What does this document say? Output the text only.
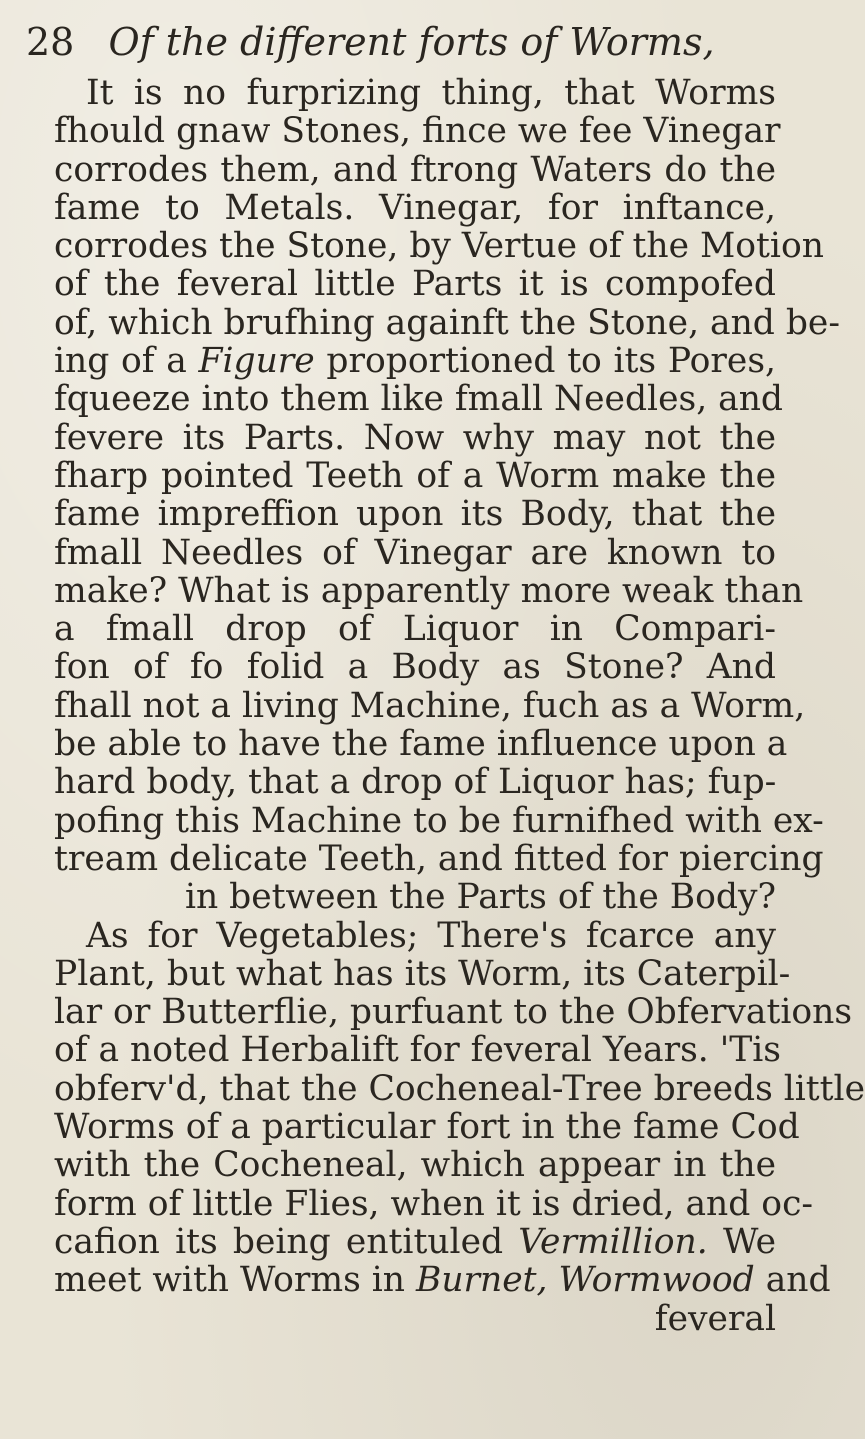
28 Of the different forts of Worms,
It is no furprizing thing, that Worms
fhould gnaw Stones, fince we fee Vinegar
corrodes them, and ftrong Waters do the
fame to Metals. Vinegar, for inftance,
corrodes the Stone, by Vertue of the Motion
of the feveral little Parts it is compofed
of, which brufhing againft the Stone, and be-
ing of a Figure proportioned to its Pores,
fqueeze into them like fmall Needles, and
fevere its Parts. Now why may not the
fharp pointed Teeth of a Worm make the
fame impreffion upon its Body, that the
fmall Needles of Vinegar are known to
make? What is apparently more weak than
a fmall drop of Liquor in Compari-
fon of fo folid a Body as Stone? And
fhall not a living Machine, fuch as a Worm,
be able to have the fame influence upon a
hard body, that a drop of Liquor has; fup-
pofing this Machine to be furnifhed with ex-
tream delicate Teeth, and fitted for piercing
in between the Parts of the Body?
As for Vegetables; There's fcarce any
Plant, but what has its Worm, its Caterpil-
lar or Butterflie, purfuant to the Obfervations
of a noted Herbalift for feveral Years. 'Tis
obferv'd, that the Cocheneal-Tree breeds little
Worms of a particular fort in the fame Cod
with the Cocheneal, which appear in the
form of little Flies, when it is dried, and oc-
cafion its being entituled Vermillion. We
meet with Worms in Burnet, Wormwood and
feveral
